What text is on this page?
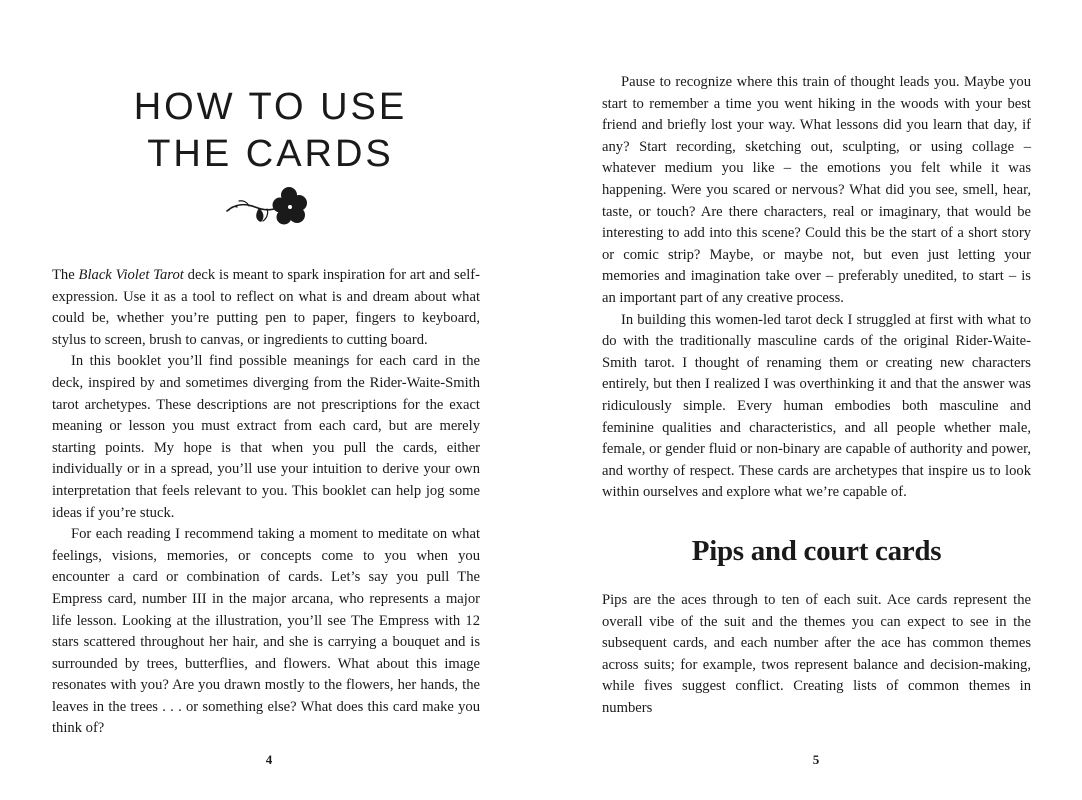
HOW TO USE
THE CARDS

The Black Violet Tarot deck is meant to spark inspiration for art and self-expression. Use it as a tool to reflect on what is and dream about what could be, whether you’re putting pen to paper, fingers to keyboard, stylus to screen, brush to canvas, or ingredients to cutting board.

In this booklet you’ll find possible meanings for each card in the deck, inspired by and sometimes diverging from the Rider-Waite-Smith tarot archetypes. These descriptions are not prescriptions for the exact meaning or lesson you must extract from each card, but are merely starting points. My hope is that when you pull the cards, either individually or in a spread, you’ll use your intuition to derive your own interpretation that feels relevant to you. This booklet can help jog some ideas if you’re stuck.

For each reading I recommend taking a moment to meditate on what feelings, visions, memories, or concepts come to you when you encounter a card or combination of cards. Let’s say you pull The Empress card, number III in the major arcana, who represents a major life lesson. Looking at the illustration, you’ll see The Empress with 12 stars scattered throughout her hair, and she is carrying a bouquet and is surrounded by trees, butterflies, and flowers. What about this image resonates with you? Are you drawn mostly to the flowers, her hands, the leaves in the trees . . . or something else? What does this card make you think of?

4

Pause to recognize where this train of thought leads you. Maybe you start to remember a time you went hiking in the woods with your best friend and briefly lost your way. What lessons did you learn that day, if any? Start recording, sketching out, sculpting, or using collage – whatever medium you like – the emotions you felt while it was happening. Were you scared or nervous? What did you see, smell, hear, taste, or touch? Are there characters, real or imaginary, that would be interesting to add into this scene? Could this be the start of a short story or comic strip? Maybe, or maybe not, but even just letting your memories and imagination take over – preferably unedited, to start – is an important part of any creative process.

In building this women-led tarot deck I struggled at first with what to do with the traditionally masculine cards of the original Rider-Waite-Smith tarot. I thought of renaming them or creating new characters entirely, but then I realized I was overthinking it and that the answer was ridiculously simple. Every human embodies both masculine and feminine qualities and characteristics, and all people whether male, female, or gender fluid or non-binary are capable of authority and power, and worthy of respect. These cards are archetypes that inspire us to look within ourselves and explore what we’re capable of.

Pips and court cards

Pips are the aces through to ten of each suit. Ace cards represent the overall vibe of the suit and the themes you can expect to see in the subsequent cards, and each number after the ace has common themes across suits; for example, twos represent balance and decision-making, while fives suggest conflict. Creating lists of common themes in numbers

5
